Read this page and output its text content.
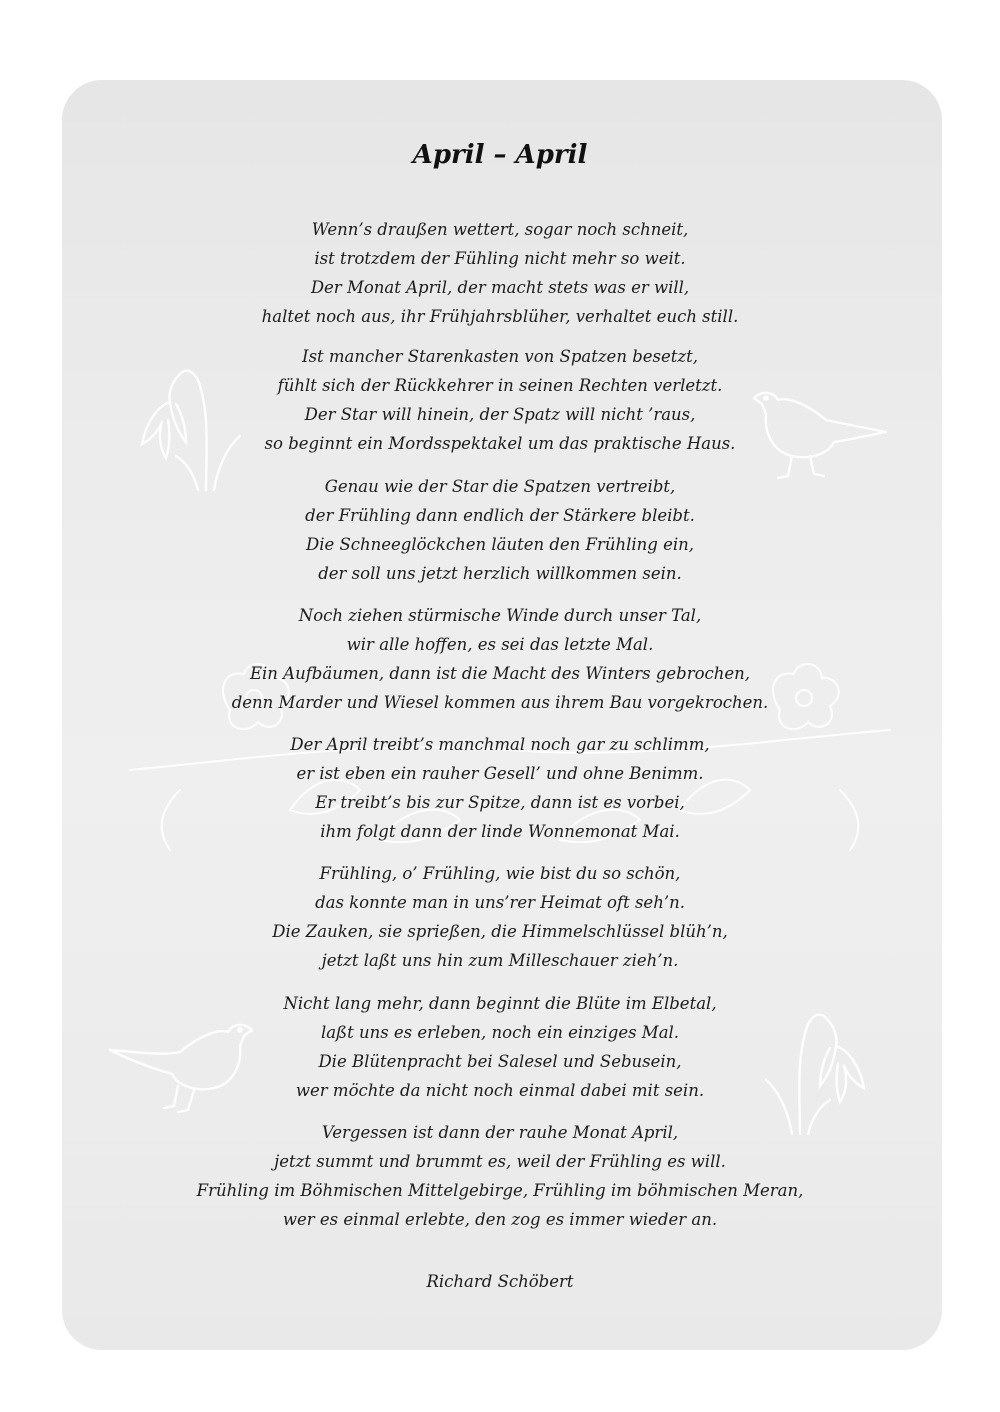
April – April
Wenn’s draußen wettert, sogar noch schneit,
ist trotzdem der Fühling nicht mehr so weit.
Der Monat April, der macht stets was er will,
haltet noch aus, ihr Frühjahrsblüher, verhaltet euch still.
Ist mancher Starenkasten von Spatzen besetzt,
fühlt sich der Rückkehrer in seinen Rechten verletzt.
Der Star will hinein, der Spatz will nicht ’raus,
so beginnt ein Mordsspektakel um das praktische Haus.
Genau wie der Star die Spatzen vertreibt,
der Frühling dann endlich der Stärkere bleibt.
Die Schneeglöckchen läuten den Frühling ein,
der soll uns jetzt herzlich willkommen sein.
Noch ziehen stürmische Winde durch unser Tal,
wir alle hoffen, es sei das letzte Mal.
Ein Aufbäumen, dann ist die Macht des Winters gebrochen,
denn Marder und Wiesel kommen aus ihrem Bau vorgekrochen.
Der April treibt’s manchmal noch gar zu schlimm,
er ist eben ein rauher Gesell’ und ohne Benimm.
Er treibt’s bis zur Spitze, dann ist es vorbei,
ihm folgt dann der linde Wonnemonat Mai.
Frühling, o’ Frühling, wie bist du so schön,
das konnte man in uns’rer Heimat oft seh’n.
Die Zauken, sie sprießen, die Himmelschlüssel blüh’n,
jetzt laßt uns hin zum Milleschauer zieh’n.
Nicht lang mehr, dann beginnt die Blüte im Elbetal,
laßt uns es erleben, noch ein einziges Mal.
Die Blütenpracht bei Salesel und Sebusein,
wer möchte da nicht noch einmal dabei mit sein.
Vergessen ist dann der rauhe Monat April,
jetzt summt und brummt es, weil der Frühling es will.
Frühling im Böhmischen Mittelgebirge, Frühling im böhmischen Meran,
wer es einmal erlebte, den zog es immer wieder an.
Richard Schöbert
